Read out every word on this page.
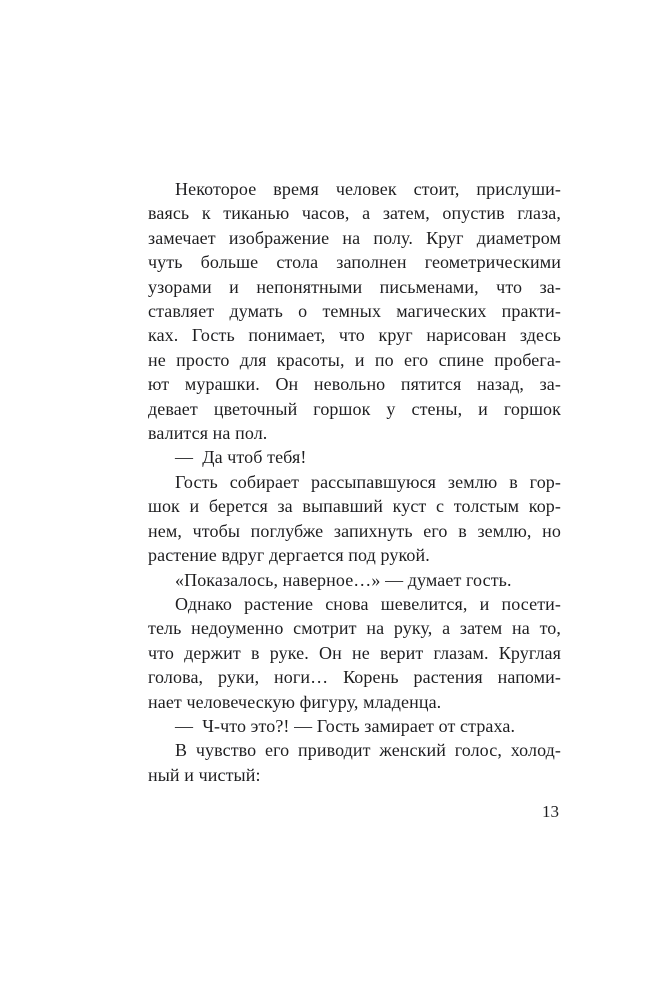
Некоторое время человек стоит, прислуши-
ваясь к тиканью часов, а затем, опустив глаза,
замечает изображение на полу. Круг диаметром
чуть больше стола заполнен геометрическими
узорами и непонятными письменами, что за-
ставляет думать о темных магических практи-
ках. Гость понимает, что круг нарисован здесь
не просто для красоты, и по его спине пробега-
ют мурашки. Он невольно пятится назад, за-
девает цветочный горшок у стены, и горшок
валится на пол.
— Да чтоб тебя!
Гость собирает рассыпавшуюся землю в гор-
шок и берется за выпавший куст с толстым кор-
нем, чтобы поглубже запихнуть его в землю, но
растение вдруг дергается под рукой.
«Показалось, наверное…» — думает гость.
Однако растение снова шевелится, и посети-
тель недоуменно смотрит на руку, а затем на то,
что держит в руке. Он не верит глазам. Круглая
голова, руки, ноги… Корень растения напоми-
нает человеческую фигуру, младенца.
— Ч-что это?! — Гость замирает от страха.
В чувство его приводит женский голос, холод-
ный и чистый:
13
